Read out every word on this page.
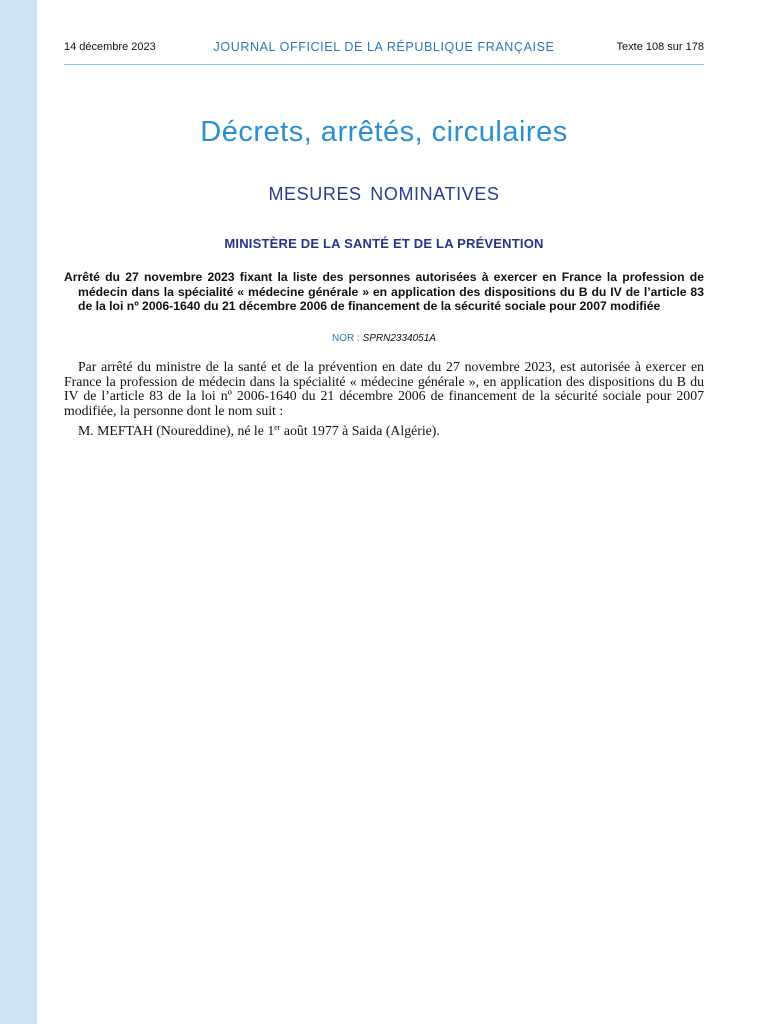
14 décembre 2023	JOURNAL OFFICIEL DE LA RÉPUBLIQUE FRANÇAISE	Texte 108 sur 178
Décrets, arrêtés, circulaires
MESURES NOMINATIVES
MINISTÈRE DE LA SANTÉ ET DE LA PRÉVENTION
Arrêté du 27 novembre 2023 fixant la liste des personnes autorisées à exercer en France la profession de médecin dans la spécialité « médecine générale » en application des dispositions du B du IV de l’article 83 de la loi nº 2006-1640 du 21 décembre 2006 de financement de la sécurité sociale pour 2007 modifiée
NOR : SPRN2334051A

Par arrêté du ministre de la santé et de la prévention en date du 27 novembre 2023, est autorisée à exercer en France la profession de médecin dans la spécialité « médecine générale », en application des dispositions du B du IV de l’article 83 de la loi nº 2006-1640 du 21 décembre 2006 de financement de la sécurité sociale pour 2007 modifiée, la personne dont le nom suit :

M. MEFTAH (Noureddine), né le 1er août 1977 à Saida (Algérie).
